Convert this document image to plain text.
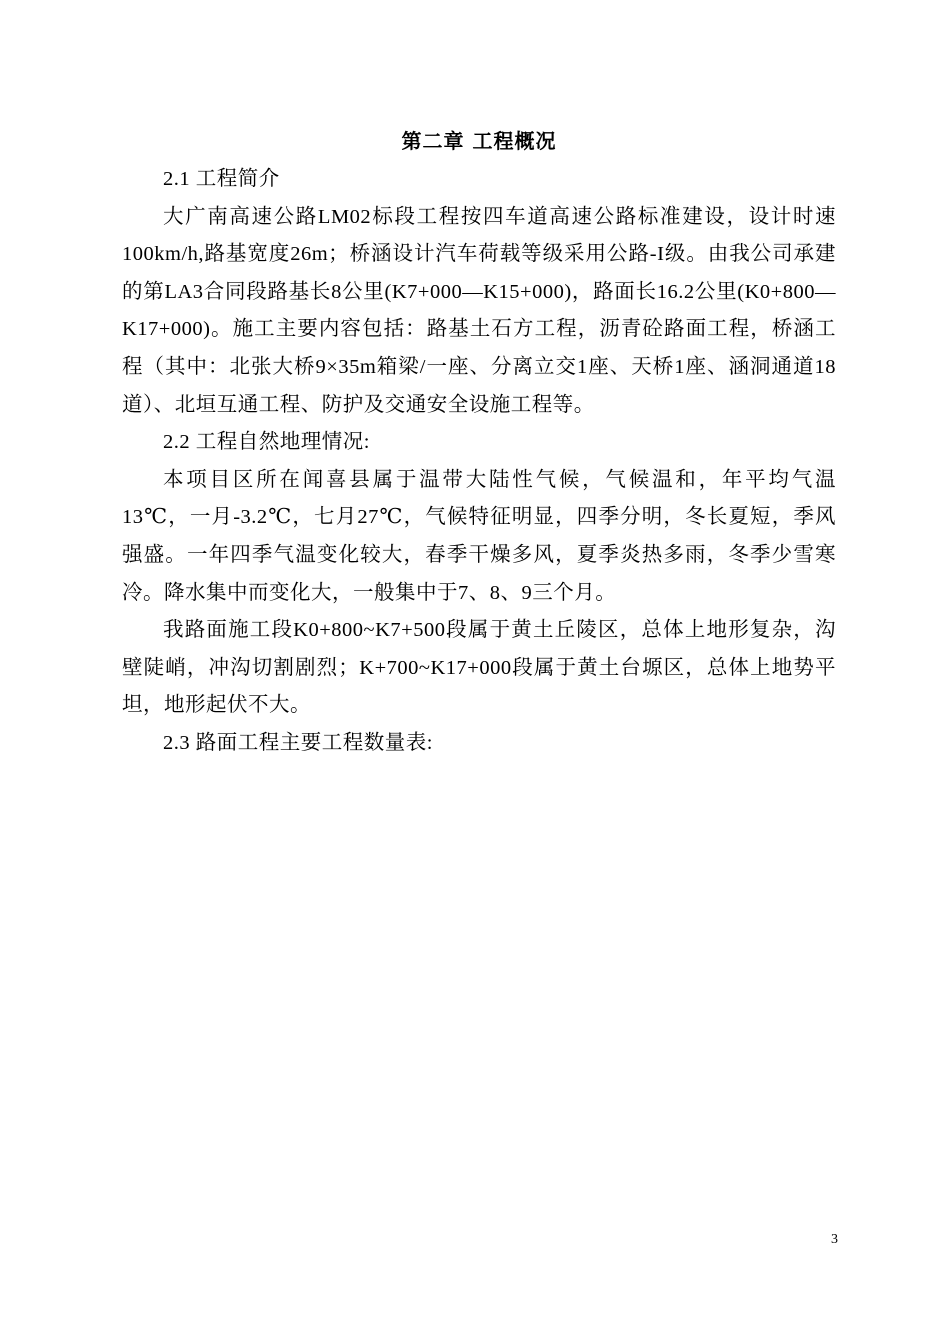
第二章 工程概况

2.1 工程简介

大广南高速公路LM02标段工程按四车道高速公路标准建设，设计时速100km/h,路基宽度26m；桥涵设计汽车荷载等级采用公路-I级。由我公司承建的第LA3合同段路基长8公里(K7+000—K15+000)，路面长16.2公里(K0+800—K17+000)。施工主要内容包括：路基土石方工程，沥青砼路面工程，桥涵工程（其中：北张大桥9×35m箱梁/一座、分离立交1座、天桥1座、涵洞通道18道）、北垣互通工程、防护及交通安全设施工程等。

2.2 工程自然地理情况:

本项目区所在闻喜县属于温带大陆性气候，气候温和，年平均气温13℃，一月-3.2℃，七月27℃，气候特征明显，四季分明，冬长夏短，季风强盛。一年四季气温变化较大，春季干燥多风，夏季炎热多雨，冬季少雪寒冷。降水集中而变化大，一般集中于7、8、9三个月。

我路面施工段K0+800~K7+500段属于黄土丘陵区，总体上地形复杂，沟壁陡峭，冲沟切割剧烈；K+700~K17+000段属于黄土台塬区，总体上地势平坦，地形起伏不大。

2.3 路面工程主要工程数量表:

3
